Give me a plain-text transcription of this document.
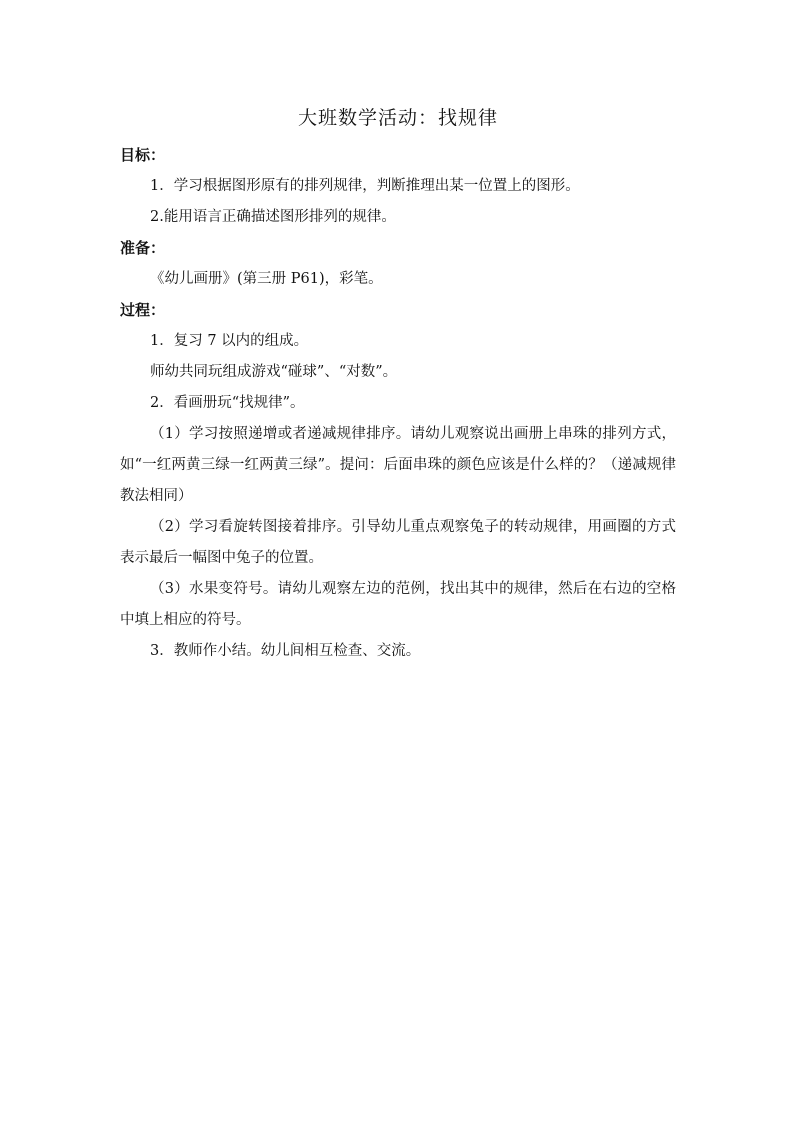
大班数学活动：找规律

目标：

1．学习根据图形原有的排列规律，判断推理出某一位置上的图形。

2.能用语言正确描述图形排列的规律。

准备：

《幼儿画册》(第三册 P61)，彩笔。

过程：

1．复习 7 以内的组成。

师幼共同玩组成游戏“碰球”、“对数”。

2．看画册玩“找规律”。

（1）学习按照递增或者递减规律排序。请幼儿观察说出画册上串珠的排列方式，如“一红两黄三绿一红两黄三绿”。提问：后面串珠的颜色应该是什么样的？（递减规律教法相同）

（2）学习看旋转图接着排序。引导幼儿重点观察兔子的转动规律，用画圈的方式表示最后一幅图中兔子的位置。

（3）水果变符号。请幼儿观察左边的范例，找出其中的规律，然后在右边的空格中填上相应的符号。

3．教师作小结。幼儿间相互检查、交流。
